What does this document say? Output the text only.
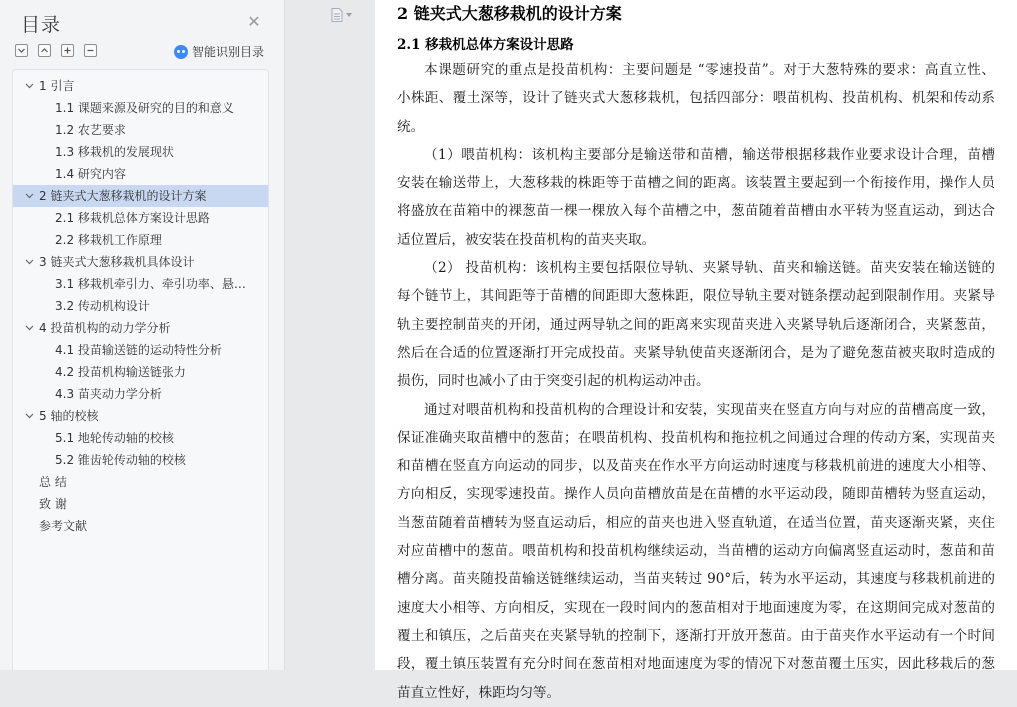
目录	✕
智能识别目录
1 引言
1.1 课题来源及研究的目的和意义
1.2 农艺要求
1.3 移栽机的发展现状
1.4 研究内容
2 链夹式大葱移栽机的设计方案
2.1 移栽机总体方案设计思路
2.2 移栽机工作原理
3 链夹式大葱移栽机具体设计
3.1 移栽机牵引力、牵引功率、悬…
3.2 传动机构设计
4 投苗机构的动力学分析
4.1 投苗输送链的运动特性分析
4.2 投苗机构输送链张力
4.3 苗夹动力学分析
5 轴的校核
5.1 地轮传动轴的校核
5.2 锥齿轮传动轴的校核
总 结
致 谢
参考文献
2 链夹式大葱移栽机的设计方案
2.1 移栽机总体方案设计思路
本课题研究的重点是投苗机构：主要问题是 “零速投苗”。对于大葱特殊的要求：高直立性、
小株距、覆土深等，设计了链夹式大葱移栽机，包括四部分：喂苗机构、投苗机构、机架和传动系
统。
（1）喂苗机构：该机构主要部分是输送带和苗槽，输送带根据移栽作业要求设计合理，苗槽
安装在输送带上，大葱移栽的株距等于苗槽之间的距离。该装置主要起到一个衔接作用，操作人员
将盛放在苗箱中的裸葱苗一棵一棵放入每个苗槽之中，葱苗随着苗槽由水平转为竖直运动，到达合
适位置后，被安装在投苗机构的苗夹夹取。
（2） 投苗机构：该机构主要包括限位导轨、夹紧导轨、苗夹和输送链。苗夹安装在输送链的
每个链节上，其间距等于苗槽的间距即大葱株距，限位导轨主要对链条摆动起到限制作用。夹紧导
轨主要控制苗夹的开闭，通过两导轨之间的距离来实现苗夹进入夹紧导轨后逐渐闭合，夹紧葱苗，
然后在合适的位置逐渐打开完成投苗。夹紧导轨使苗夹逐渐闭合，是为了避免葱苗被夹取时造成的
损伤，同时也减小了由于突变引起的机构运动冲击。
通过对喂苗机构和投苗机构的合理设计和安装，实现苗夹在竖直方向与对应的苗槽高度一致，
保证准确夹取苗槽中的葱苗；在喂苗机构、投苗机构和拖拉机之间通过合理的传动方案，实现苗夹
和苗槽在竖直方向运动的同步，以及苗夹在作水平方向运动时速度与移栽机前进的速度大小相等、
方向相反，实现零速投苗。操作人员向苗槽放苗是在苗槽的水平运动段，随即苗槽转为竖直运动，
当葱苗随着苗槽转为竖直运动后，相应的苗夹也进入竖直轨道，在适当位置，苗夹逐渐夹紧，夹住
对应苗槽中的葱苗。喂苗机构和投苗机构继续运动，当苗槽的运动方向偏离竖直运动时，葱苗和苗
槽分离。苗夹随投苗输送链继续运动，当苗夹转过 90°后，转为水平运动，其速度与移栽机前进的
速度大小相等、方向相反，实现在一段时间内的葱苗相对于地面速度为零，在这期间完成对葱苗的
覆土和镇压，之后苗夹在夹紧导轨的控制下，逐渐打开放开葱苗。由于苗夹作水平运动有一个时间
段，覆土镇压装置有充分时间在葱苗相对地面速度为零的情况下对葱苗覆土压实，因此移栽后的葱
苗直立性好，株距均匀等。
